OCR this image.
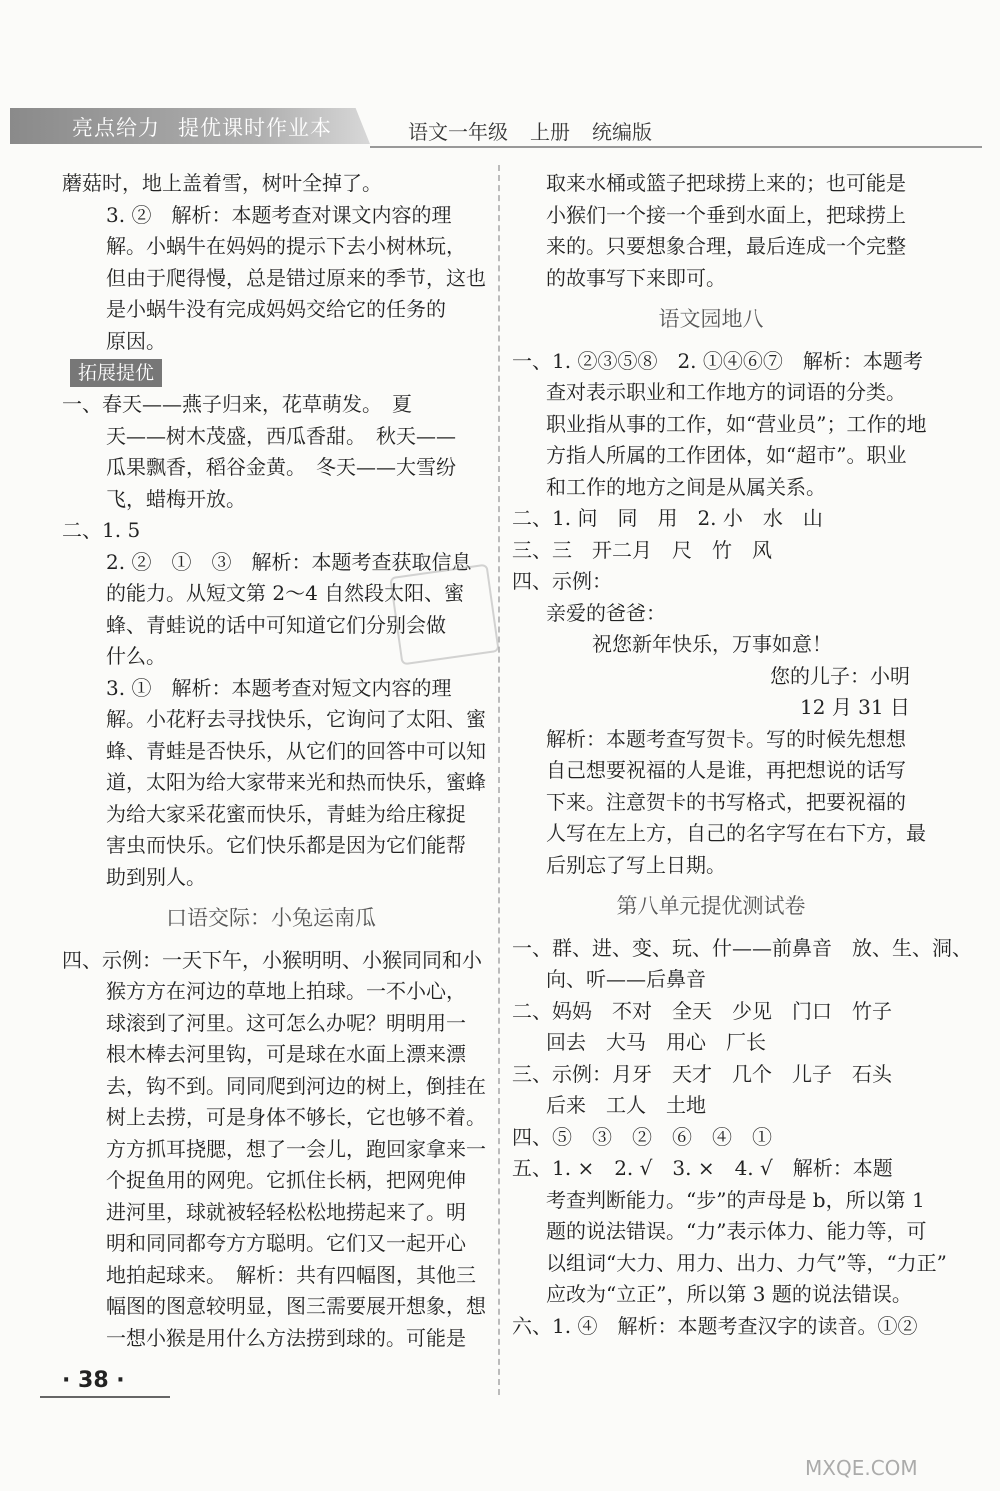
亮点给力 提优课时作业本	语文一年级 上册 统编版
蘑菇时，地上盖着雪，树叶全掉了。
3. ②　解析：本题考查对课文内容的理
解。小蜗牛在妈妈的提示下去小树林玩，
但由于爬得慢，总是错过原来的季节，这也
是小蜗牛没有完成妈妈交给它的任务的
原因。
拓展提优
一、春天——燕子归来，花草萌发。　夏
天——树木茂盛，西瓜香甜。　秋天——
瓜果飘香，稻谷金黄。　冬天——大雪纷
飞，蜡梅开放。
二、1. 5
2. ②　①　③　解析：本题考查获取信息
的能力。从短文第 2～4 自然段太阳、蜜
蜂、青蛙说的话中可知道它们分别会做
什么。
3. ①　解析：本题考查对短文内容的理
解。小花籽去寻找快乐，它询问了太阳、蜜
蜂、青蛙是否快乐，从它们的回答中可以知
道，太阳为给大家带来光和热而快乐，蜜蜂
为给大家采花蜜而快乐，青蛙为给庄稼捉
害虫而快乐。它们快乐都是因为它们能帮
助到别人。
口语交际：小兔运南瓜
四、示例：一天下午，小猴明明、小猴同同和小
猴方方在河边的草地上拍球。一不小心，
球滚到了河里。这可怎么办呢？明明用一
根木棒去河里钩，可是球在水面上漂来漂
去，钩不到。同同爬到河边的树上，倒挂在
树上去捞，可是身体不够长，它也够不着。
方方抓耳挠腮，想了一会儿，跑回家拿来一
个捉鱼用的网兜。它抓住长柄，把网兜伸
进河里，球就被轻轻松松地捞起来了。明
明和同同都夸方方聪明。它们又一起开心
地拍起球来。　解析：共有四幅图，其他三
幅图的图意较明显，图三需要展开想象，想
一想小猴是用什么方法捞到球的。可能是
取来水桶或篮子把球捞上来的；也可能是
小猴们一个接一个垂到水面上，把球捞上
来的。只要想象合理，最后连成一个完整
的故事写下来即可。
语文园地八
一、1. ②③⑤⑧　2. ①④⑥⑦　解析：本题考
查对表示职业和工作地方的词语的分类。
职业指从事的工作，如“营业员”；工作的地
方指人所属的工作团体，如“超市”。职业
和工作的地方之间是从属关系。
二、1. 问　同　用　2. 小　水　山
三、三　开二月　尺　竹　风
四、示例：
亲爱的爸爸：
祝您新年快乐，万事如意！
您的儿子：小明
12 月 31 日
解析：本题考查写贺卡。写的时候先想想
自己想要祝福的人是谁，再把想说的话写
下来。注意贺卡的书写格式，把要祝福的
人写在左上方，自己的名字写在右下方，最
后别忘了写上日期。
第八单元提优测试卷
一、群、进、变、玩、什——前鼻音　放、生、洞、
向、听——后鼻音
二、妈妈　不对　全天　少见　门口　竹子
回去　大马　用心　厂长
三、示例：月牙　天才　几个　儿子　石头
后来　工人　土地
四、⑤　③　②　⑥　④　①
五、1. ×　2. √　3. ×　4. √　解析：本题
考查判断能力。“步”的声母是 b，所以第 1
题的说法错误。“力”表示体力、能力等，可
以组词“大力、用力、出力、力气”等，“力正”
应改为“立正”，所以第 3 题的说法错误。
六、1. ④　解析：本题考查汉字的读音。①②
· 38 ·
MXQE.COM
